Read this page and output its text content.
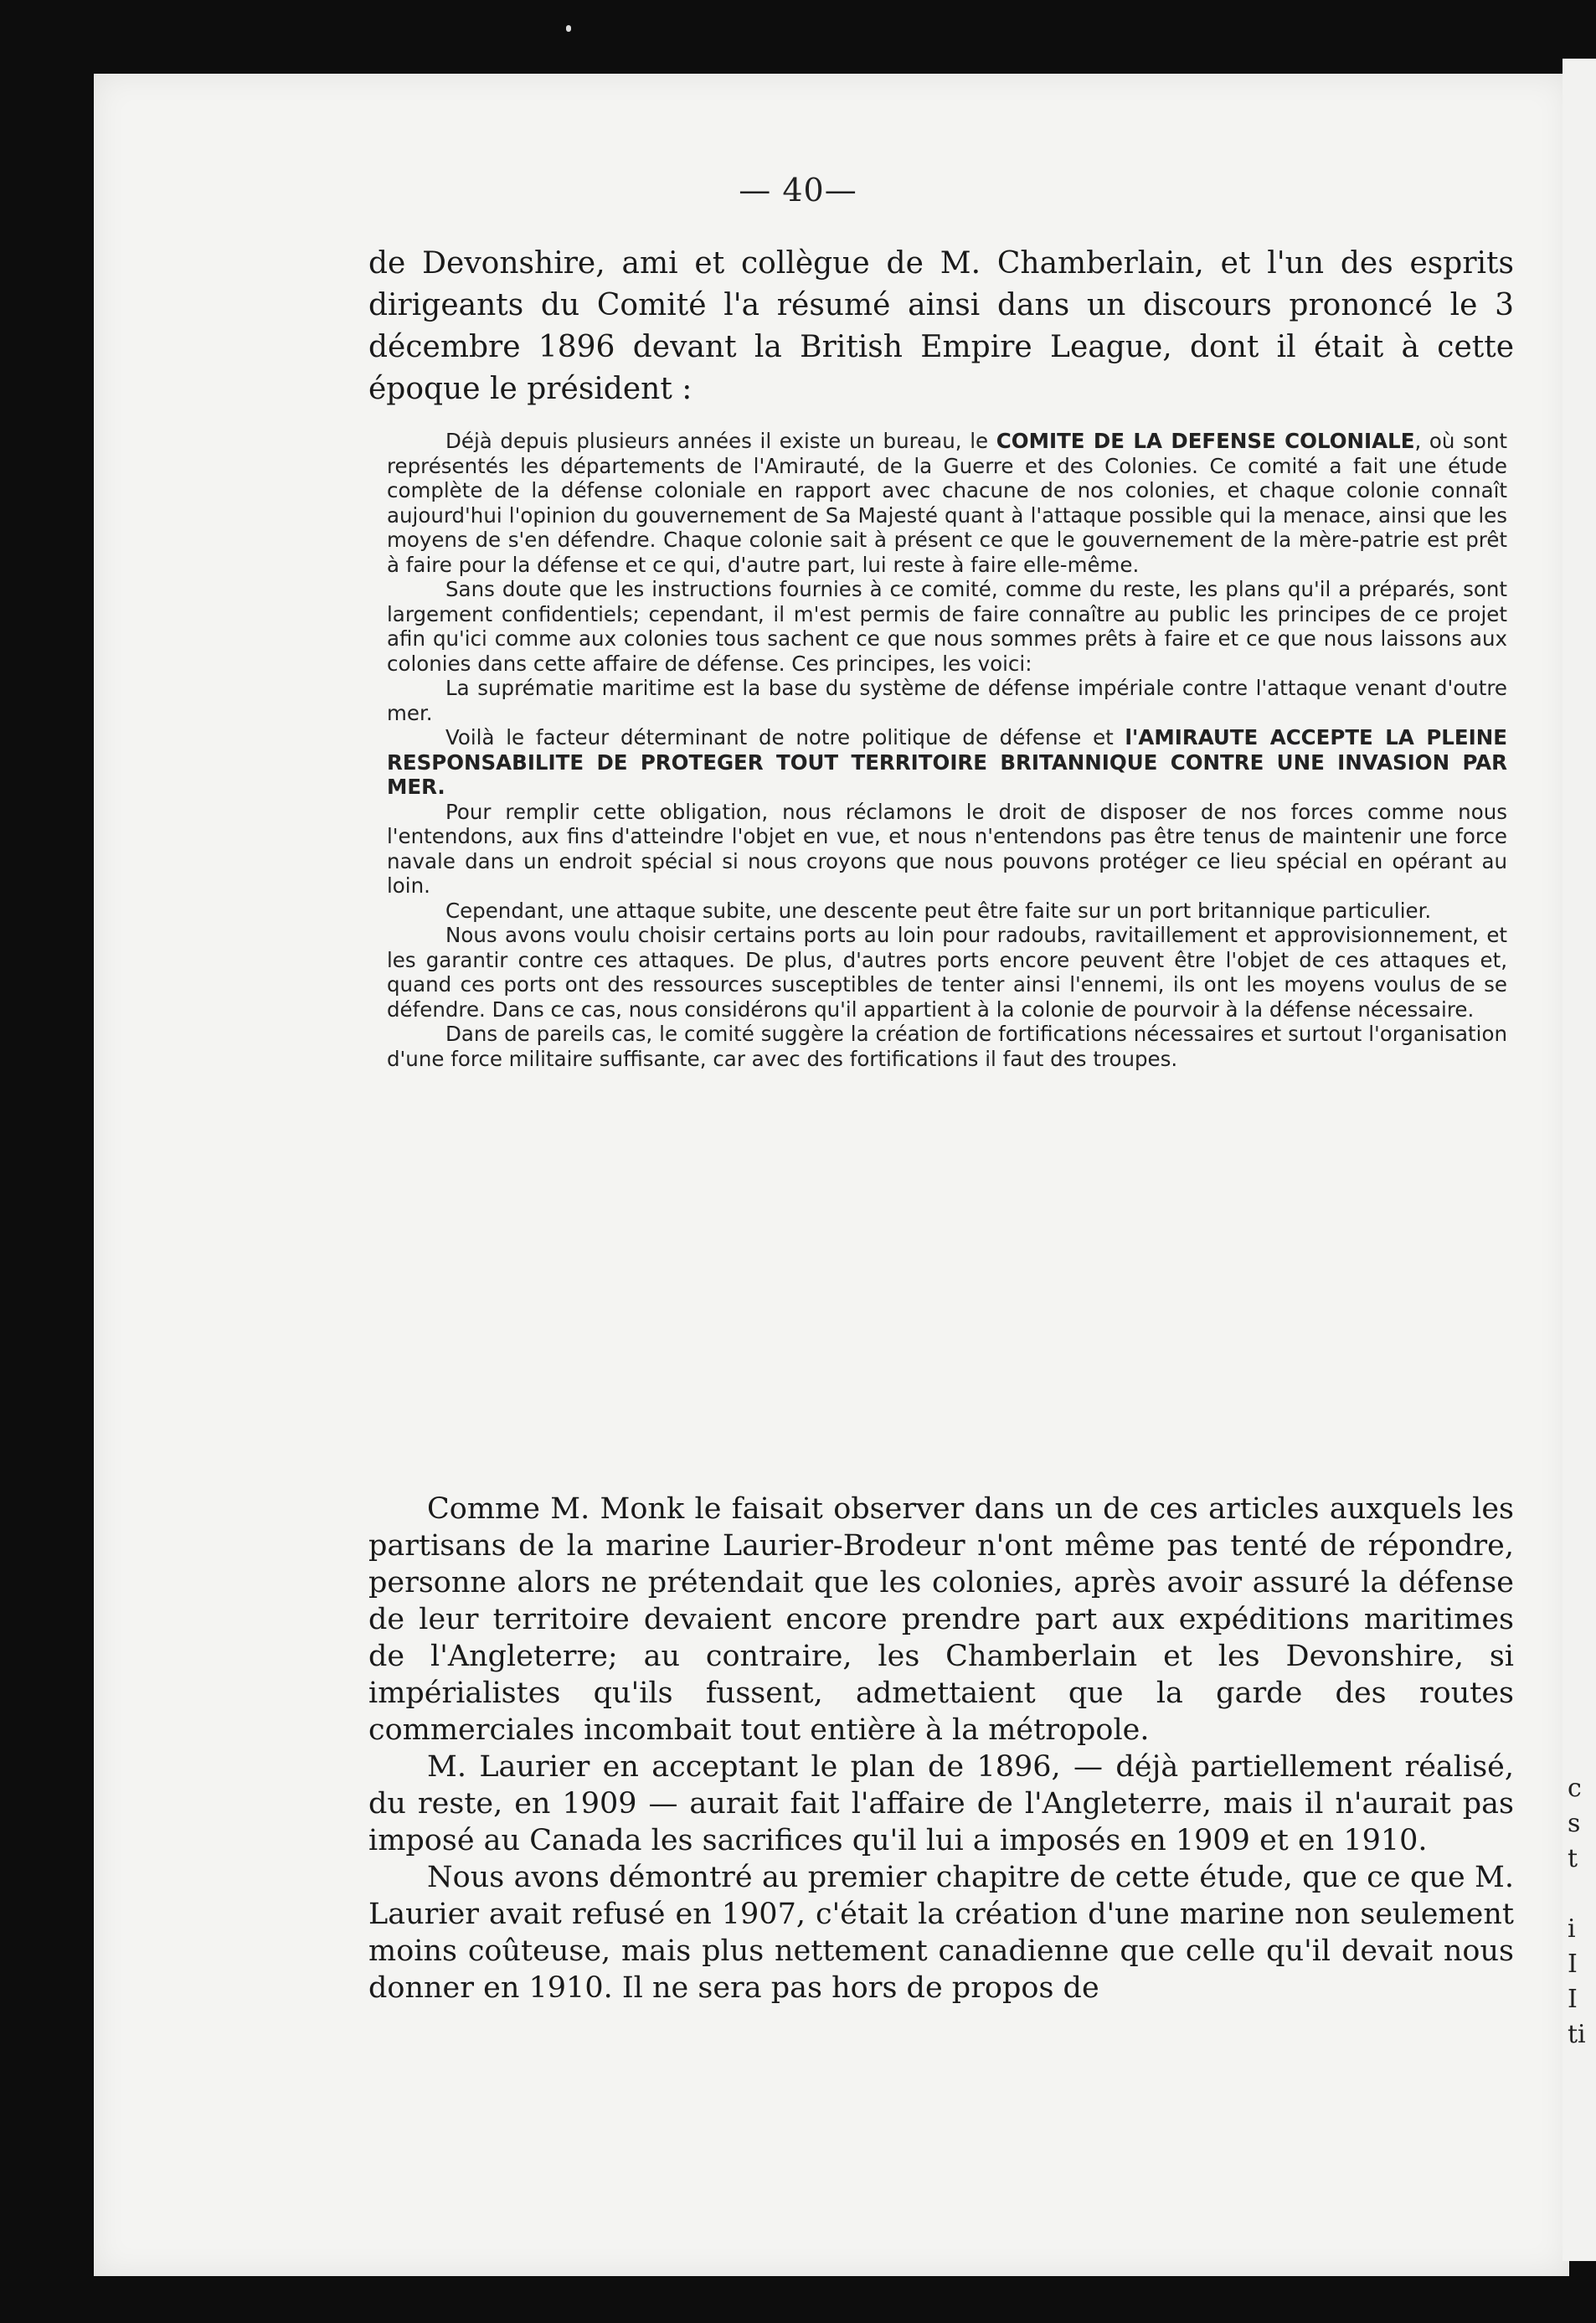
— 40—

de Devonshire, ami et collègue de M. Chamberlain, et l'un des esprits dirigeants du Comité l'a résumé ainsi dans un discours prononcé le 3 décembre 1896 devant la British Empire League, dont il était à cette époque le président :

Déjà depuis plusieurs années il existe un bureau, le COMITE DE LA DEFENSE COLONIALE, où sont représentés les départements de l'Amirauté, de la Guerre et des Colonies. Ce comité a fait une étude complète de la défense coloniale en rapport avec chacune de nos colonies, et chaque colonie connaît aujourd'hui l'opinion du gouvernement de Sa Majesté quant à l'attaque possible qui la menace, ainsi que les moyens de s'en défendre. Chaque colonie sait à présent ce que le gouvernement de la mère-patrie est prêt à faire pour la défense et ce qui, d'autre part, lui reste à faire elle-même.

Sans doute que les instructions fournies à ce comité, comme du reste, les plans qu'il a préparés, sont largement confidentiels; cependant, il m'est permis de faire connaître au public les principes de ce projet afin qu'ici comme aux colonies tous sachent ce que nous sommes prêts à faire et ce que nous laissons aux colonies dans cette affaire de défense. Ces principes, les voici:

La suprématie maritime est la base du système de défense impériale contre l'attaque venant d'outre mer.

Voilà le facteur déterminant de notre politique de défense et l'AMIRAUTE ACCEPTE LA PLEINE RESPONSABILITE DE PROTEGER TOUT TERRITOIRE BRITANNIQUE CONTRE UNE INVASION PAR MER.

Pour remplir cette obligation, nous réclamons le droit de disposer de nos forces comme nous l'entendons, aux fins d'atteindre l'objet en vue, et nous n'entendons pas être tenus de maintenir une force navale dans un endroit spécial si nous croyons que nous pouvons protéger ce lieu spécial en opérant au loin.

Cependant, une attaque subite, une descente peut être faite sur un port britannique particulier.

Nous avons voulu choisir certains ports au loin pour radoubs, ravitaillement et approvisionnement, et les garantir contre ces attaques. De plus, d'autres ports encore peuvent être l'objet de ces attaques et, quand ces ports ont des ressources susceptibles de tenter ainsi l'ennemi, ils ont les moyens voulus de se défendre. Dans ce cas, nous considérons qu'il appartient à la colonie de pourvoir à la défense nécessaire.

Dans de pareils cas, le comité suggère la création de fortifications nécessaires et surtout l'organisation d'une force militaire suffisante, car avec des fortifications il faut des troupes.

Comme M. Monk le faisait observer dans un de ces articles auxquels les partisans de la marine Laurier-Brodeur n'ont même pas tenté de répondre, personne alors ne prétendait que les colonies, après avoir assuré la défense de leur territoire devaient encore prendre part aux expéditions maritimes de l'Angleterre; au contraire, les Chamberlain et les Devonshire, si impérialistes qu'ils fussent, admettaient que la garde des routes commerciales incombait tout entière à la métropole.

M. Laurier en acceptant le plan de 1896, — déjà partiellement réalisé, du reste, en 1909 — aurait fait l'affaire de l'Angleterre, mais il n'aurait pas imposé au Canada les sacrifices qu'il lui a imposés en 1909 et en 1910.

Nous avons démontré au premier chapitre de cette étude, que ce que M. Laurier avait refusé en 1907, c'était la création d'une marine non seulement moins coûteuse, mais plus nettement canadienne que celle qu'il devait nous donner en 1910. Il ne sera pas hors de propos de

c
s
t

i
I
I
ti
